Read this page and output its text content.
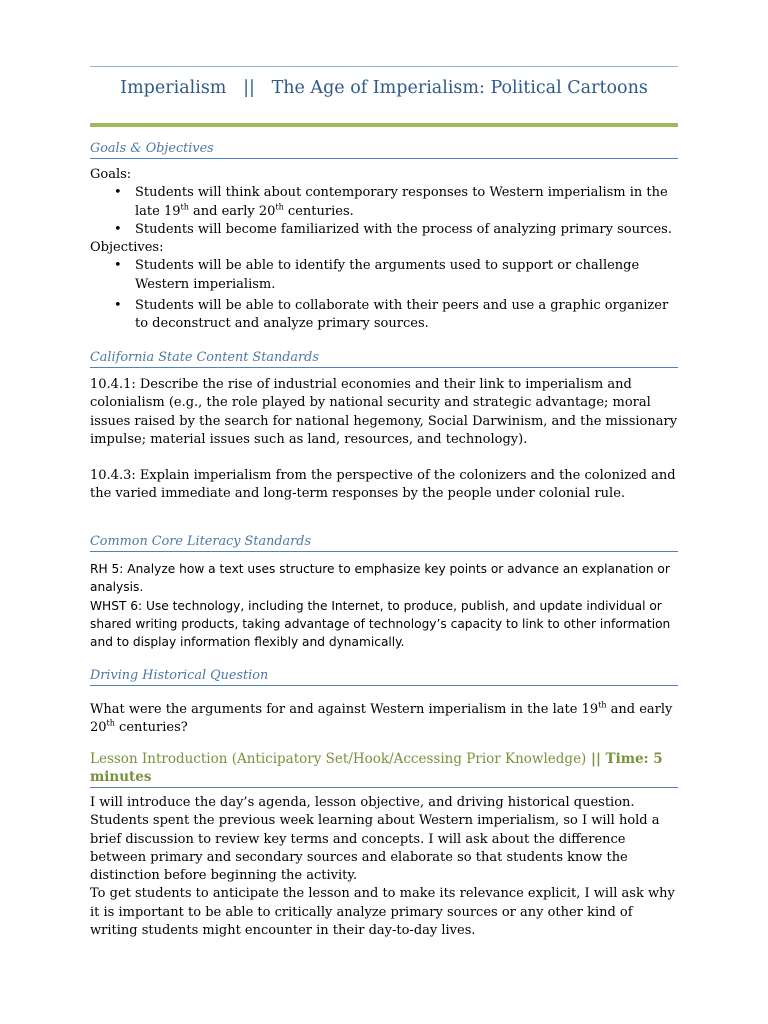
Imperialism   ||   The Age of Imperialism: Political Cartoons
Goals & Objectives

Goals:

• Students will think about contemporary responses to Western imperialism in the late 19th and early 20th centuries.
• Students will become familiarized with the process of analyzing primary sources.

Objectives:

• Students will be able to identify the arguments used to support or challenge Western imperialism.
• Students will be able to collaborate with their peers and use a graphic organizer to deconstruct and analyze primary sources.
California State Content Standards

10.4.1: Describe the rise of industrial economies and their link to imperialism and colonialism (e.g., the role played by national security and strategic advantage; moral issues raised by the search for national hegemony, Social Darwinism, and the missionary impulse; material issues such as land, resources, and technology).

10.4.3: Explain imperialism from the perspective of the colonizers and the colonized and the varied immediate and long-term responses by the people under colonial rule.

Common Core Literacy Standards

RH 5: Analyze how a text uses structure to emphasize key points or advance an explanation or analysis.

WHST 6: Use technology, including the Internet, to produce, publish, and update individual or shared writing products, taking advantage of technology’s capacity to link to other information and to display information flexibly and dynamically.

Driving Historical Question
What were the arguments for and against Western imperialism in the late 19th and early 20th centuries?
Lesson Introduction (Anticipatory Set/Hook/Accessing Prior Knowledge) || Time: 5 minutes

I will introduce the day’s agenda, lesson objective, and driving historical question. Students spent the previous week learning about Western imperialism, so I will hold a brief discussion to review key terms and concepts. I will ask about the difference between primary and secondary sources and elaborate so that students know the distinction before beginning the activity.

To get students to anticipate the lesson and to make its relevance explicit, I will ask why it is important to be able to critically analyze primary sources or any other kind of writing students might encounter in their day-to-day lives.
